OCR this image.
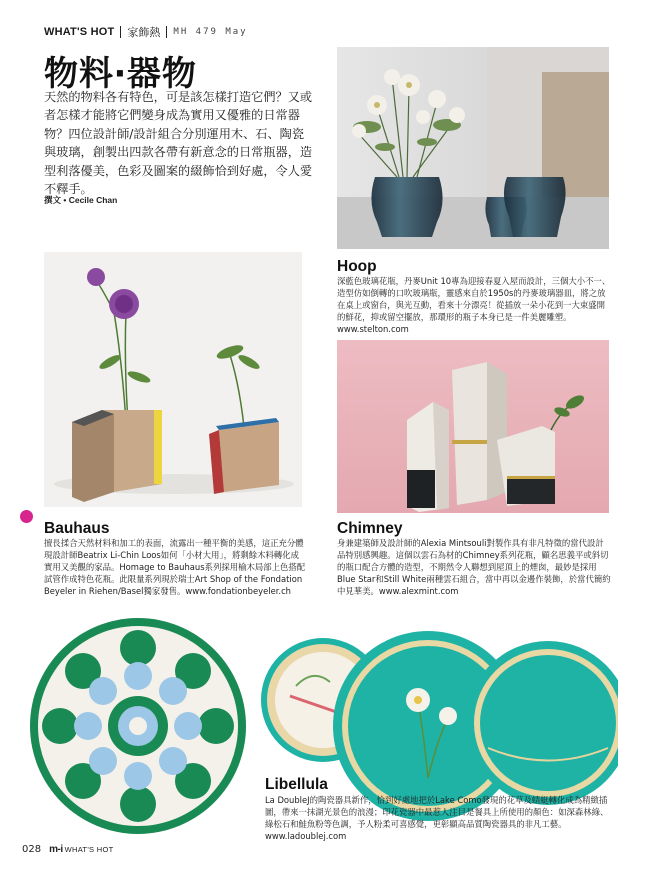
WHAT'S HOT 家飾熱 MH 479 May
物料‧器物
天然的物料各有特色，可是該怎樣打造它們？又或者怎樣才能將它們變身成為實用又優雅的日常器物？四位設計師/設計組合分別運用木、石、陶瓷與玻璃，創製出四款各帶有新意念的日常瓶器，造型利落優美，色彩及圖案的綴飾恰到好處，令人愛不釋手。
撰文 • Cecile Chan
Hoop
深藍色玻璃花瓶，丹麥Unit 10專為迎接春夏入屋而設計，三個大小不一、造型仿如倒轉的口吹玻璃瓶，靈感來自於1950s的丹麥玻璃器皿，將之放在桌上或窗台，與光互動，看來十分漂亮！從插放一朵小花到一大束盛開的鮮花，抑或留空擺放，那環形的瓶子本身已是一件美麗雕塑。www.stelton.com
Bauhaus
擅長揉合天然材料和加工的表面，流露出一種平衡的美感，這正充分體現設計師Beatrix Li-Chin Loos如何「小材大用」，將剩餘木料轉化成實用又美觀的家品。Homage to Bauhaus系列採用榆木局部上色搭配試管作成特色花瓶。此限量系列現於瑞士Art Shop of the Fondation Beyeler in Riehen/Basel獨家發售。www.fondationbeyeler.ch
Chimney
身兼建築師及設計師的Alexia Mintsouli對製作具有非凡特徵的當代設計品特別感興趣。這個以雲石為材的Chimney系列花瓶，顧名思義平或斜切的瓶口配合方體的造型，不期然令人聯想到屋頂上的煙囱，最妙是採用Blue Star和Still White兩種雲石組合，當中再以金邊作裝飾，於當代簡約中見華美。www.alexmint.com
Libellula
La DoubleJ的陶瓷器具新作，恰到好處地把於Lake Como發現的花草及蜻蜓轉化成為精緻插圖，帶來一抹湖光景色的浪漫；印花瓷器中最惹人注目是餐具上所使用的顏色：如深森林綠、綠松石和鮭魚粉等色調，予人粉柔可喜感覺，更彰顯高品質陶瓷器具的非凡工藝。www.ladoublej.com
028 m-i WHAT'S HOT
